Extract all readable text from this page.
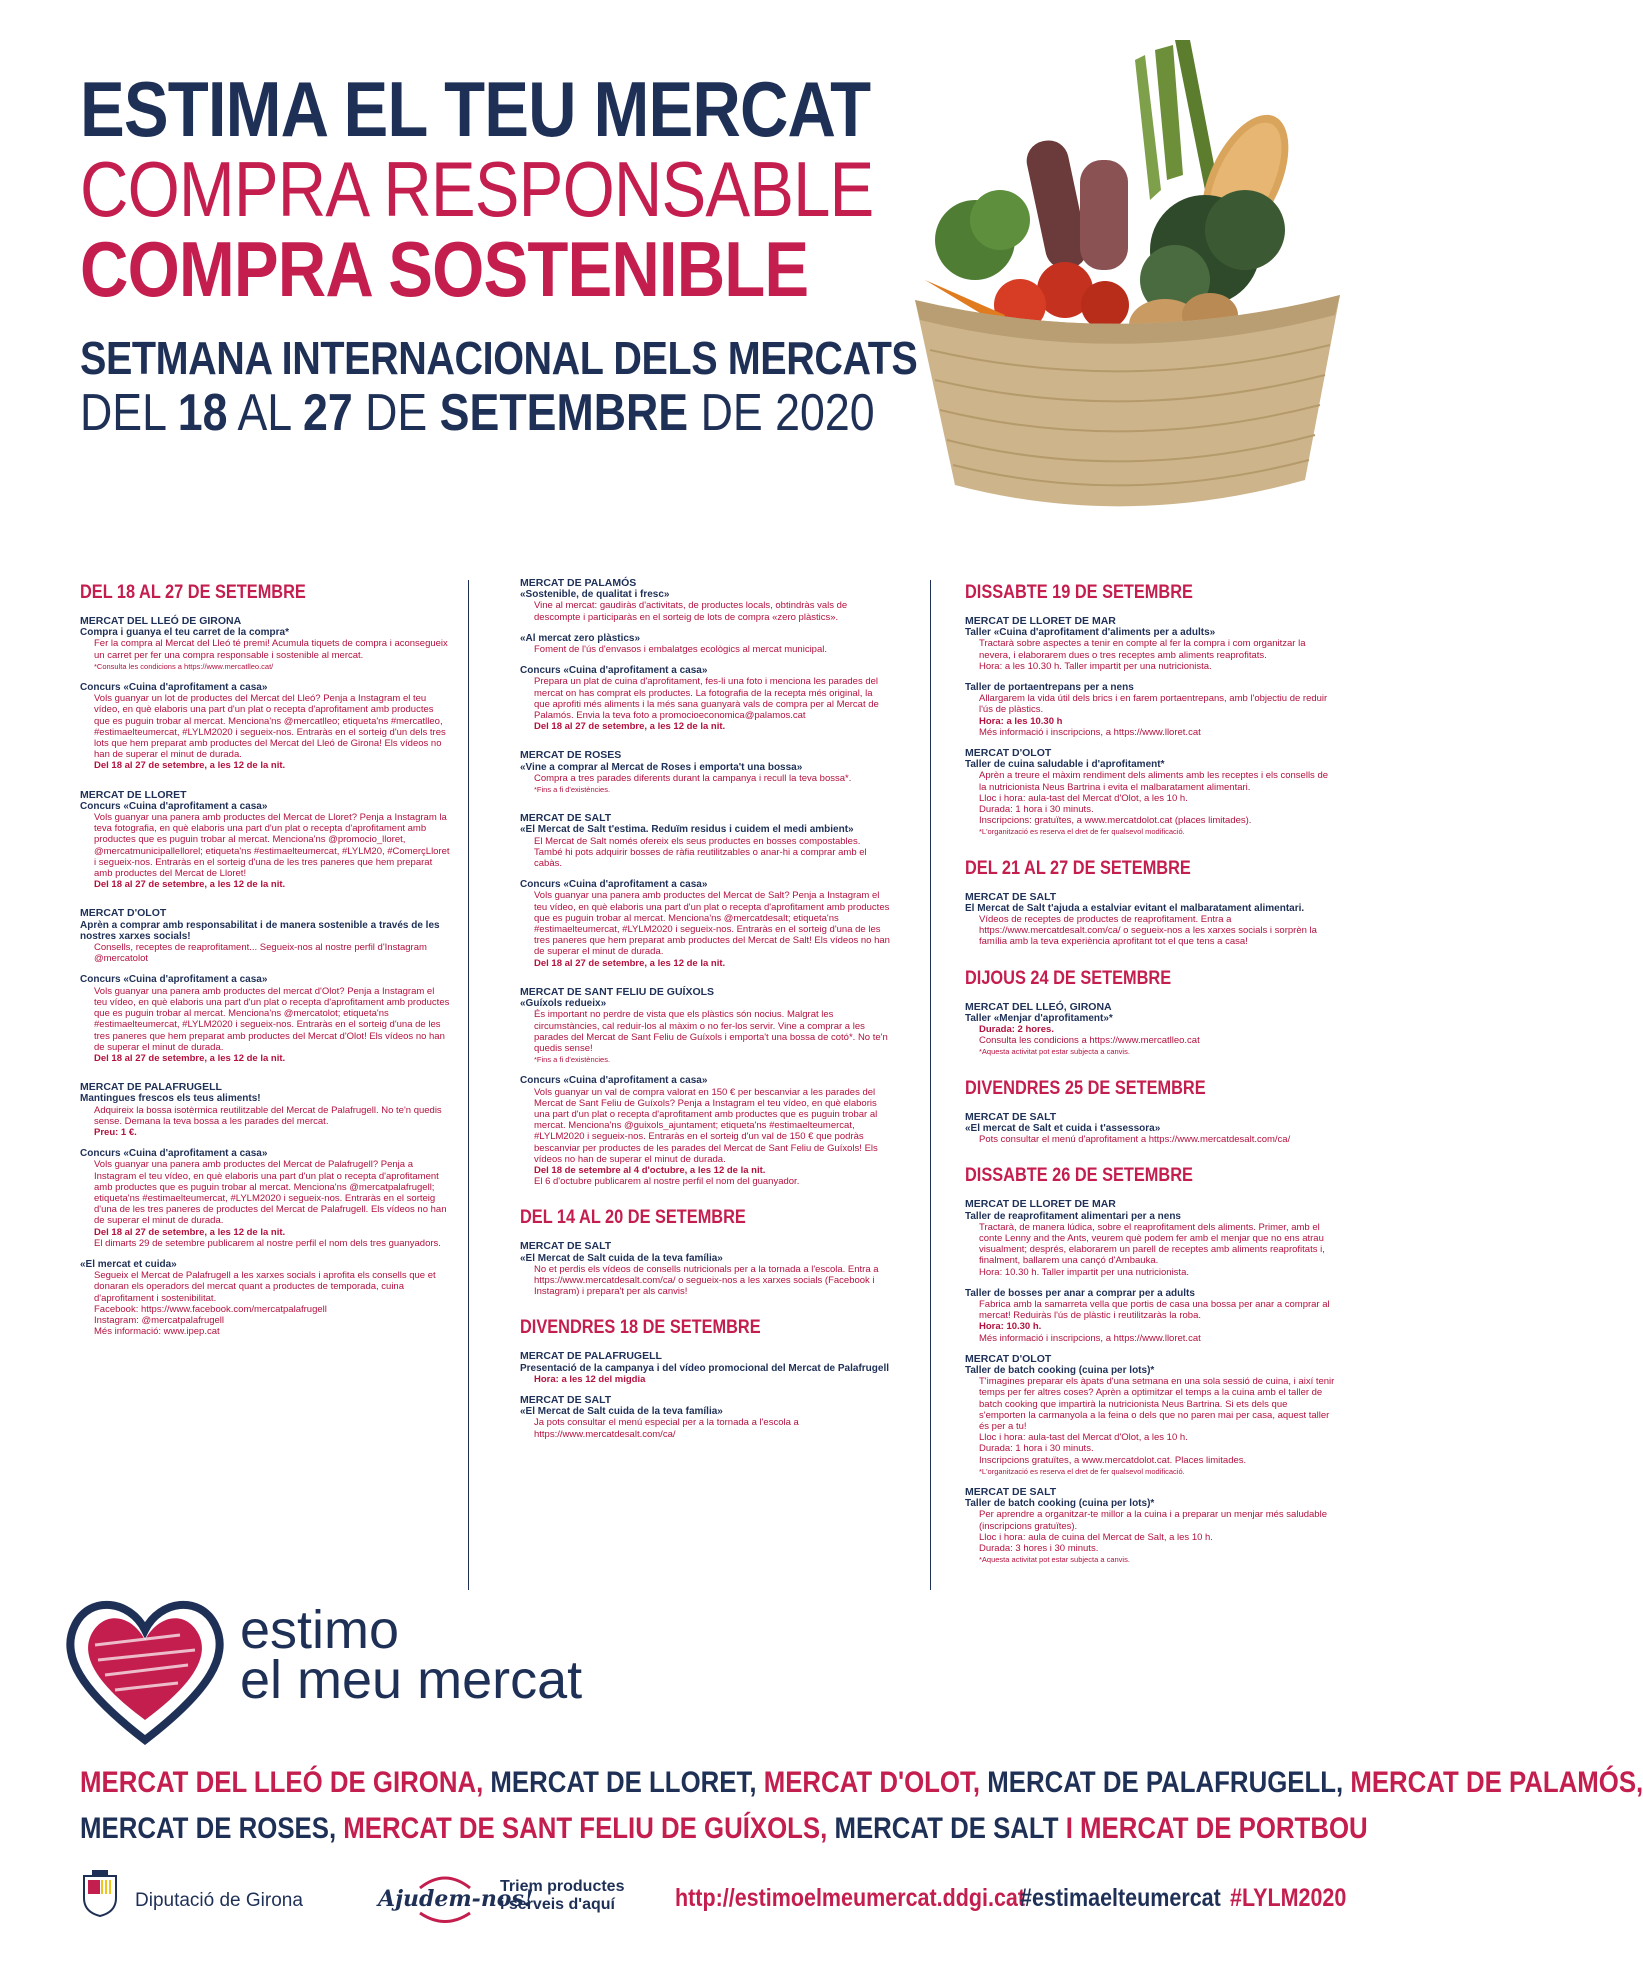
ESTIMA EL TEU MERCAT
COMPRA RESPONSABLE
COMPRA SOSTENIBLE
SETMANA INTERNACIONAL DELS MERCATS
DEL 18 AL 27 DE SETEMBRE DE 2020
DEL 18 AL 27 DE SETEMBRE

MERCAT DEL LLEÓ DE GIRONA

Compra i guanya el teu carret de la compra*

Fer la compra al Mercat del Lleó té premi! Acumula tiquets de compra i aconsegueix un carret per fer una compra responsable i sostenible al mercat.

*Consulta les condicions a https://www.mercatlleo.cat/

Concurs «Cuina d'aprofitament a casa»

Vols guanyar un lot de productes del Mercat del Lleó? Penja a Instagram el teu vídeo, en què elaboris una part d'un plat o recepta d'aprofitament amb productes que es puguin trobar al mercat. Menciona'ns @mercatlleo; etiqueta'ns #mercatlleo, #estimaelteumercat, #LYLM2020 i segueix-nos. Entraràs en el sorteig d'un dels tres lots que hem preparat amb productes del Mercat del Lleó de Girona! Els vídeos no han de superar el minut de durada.

Del 18 al 27 de setembre, a les 12 de la nit.

MERCAT DE LLORET

Concurs «Cuina d'aprofitament a casa»

Vols guanyar una panera amb productes del Mercat de Lloret? Penja a Instagram la teva fotografia, en què elaboris una part d'un plat o recepta d'aprofitament amb productes que es puguin trobar al mercat. Menciona'ns @promocio_lloret, @mercatmunicipallellorel; etiqueta'ns #estimaelteumercat, #LYLM20, #ComerçLloret i segueix-nos. Entraràs en el sorteig d'una de les tres paneres que hem preparat amb productes del Mercat de Lloret!

Del 18 al 27 de setembre, a les 12 de la nit.

MERCAT D'OLOT

Aprèn a comprar amb responsabilitat i de manera sostenible a través de les nostres xarxes socials!

Consells, receptes de reaprofitament... Segueix-nos al nostre perfil d'Instagram @mercatolot

Concurs «Cuina d'aprofitament a casa»

Vols guanyar una panera amb productes del mercat d'Olot? Penja a Instagram el teu vídeo, en què elaboris una part d'un plat o recepta d'aprofitament amb productes que es puguin trobar al mercat. Menciona'ns @mercatolot; etiqueta'ns #estimaelteumercat, #LYLM2020 i segueix-nos. Entraràs en el sorteig d'una de les tres paneres que hem preparat amb productes del Mercat d'Olot! Els vídeos no han de superar el minut de durada.

Del 18 al 27 de setembre, a les 12 de la nit.

MERCAT DE PALAFRUGELL

Mantingues frescos els teus aliments!

Adquireix la bossa isotèrmica reutilitzable del Mercat de Palafrugell. No te'n quedis sense. Demana la teva bossa a les parades del mercat.

Preu: 1 €.

Concurs «Cuina d'aprofitament a casa»

Vols guanyar una panera amb productes del Mercat de Palafrugell? Penja a Instagram el teu vídeo, en què elaboris una part d'un plat o recepta d'aprofitament amb productes que es puguin trobar al mercat. Menciona'ns @mercatpalafrugell; etiqueta'ns #estimaelteumercat, #LYLM2020 i segueix-nos. Entraràs en el sorteig d'una de les tres paneres de productes del Mercat de Palafrugell. Els vídeos no han de superar el minut de durada.

Del 18 al 27 de setembre, a les 12 de la nit.

El dimarts 29 de setembre publicarem al nostre perfil el nom dels tres guanyadors.

«El mercat et cuida»

Segueix el Mercat de Palafrugell a les xarxes socials i aprofita els consells que et donaran els operadors del mercat quant a productes de temporada, cuina d'aprofitament i sostenibilitat.

Facebook: https://www.facebook.com/mercatpalafrugell

Instagram: @mercatpalafrugell

Més informació: www.ipep.cat

MERCAT DE PALAMÓS

«Sostenible, de qualitat i fresc»

Vine al mercat: gaudiràs d'activitats, de productes locals, obtindràs vals de descompte i participaràs en el sorteig de lots de compra «zero plàstics».

«Al mercat zero plàstics»

Foment de l'ús d'envasos i embalatges ecològics al mercat municipal.

Concurs «Cuina d'aprofitament a casa»

Prepara un plat de cuina d'aprofitament, fes-li una foto i menciona les parades del mercat on has comprat els productes. La fotografia de la recepta més original, la que aprofiti més aliments i la més sana guanyarà vals de compra per al Mercat de Palamós. Envia la teva foto a promocioeconomica@palamos.cat

Del 18 al 27 de setembre, a les 12 de la nit.

MERCAT DE ROSES

«Vine a comprar al Mercat de Roses i emporta't una bossa»

Compra a tres parades diferents durant la campanya i recull la teva bossa*.

*Fins a fi d'existències.

MERCAT DE SALT

«El Mercat de Salt t'estima. Reduïm residus i cuidem el medi ambient»

El Mercat de Salt només ofereix els seus productes en bosses compostables. També hi pots adquirir bosses de ràfia reutilitzables o anar-hi a comprar amb el cabàs.

Concurs «Cuina d'aprofitament a casa»

Vols guanyar una panera amb productes del Mercat de Salt? Penja a Instagram el teu vídeo, en què elaboris una part d'un plat o recepta d'aprofitament amb productes que es puguin trobar al mercat. Menciona'ns @mercatdesalt; etiqueta'ns #estimaelteumercat, #LYLM2020 i segueix-nos. Entraràs en el sorteig d'una de les tres paneres que hem preparat amb productes del Mercat de Salt! Els vídeos no han de superar el minut de durada.

Del 18 al 27 de setembre, a les 12 de la nit.

MERCAT DE SANT FELIU DE GUÍXOLS

«Guíxols redueix»

És important no perdre de vista que els plàstics són nocius. Malgrat les circumstàncies, cal reduir-los al màxim o no fer-los servir. Vine a comprar a les parades del Mercat de Sant Feliu de Guíxols i emporta't una bossa de cotó*. No te'n quedis sense!

*Fins a fi d'existències.

Concurs «Cuina d'aprofitament a casa»

Vols guanyar un val de compra valorat en 150 € per bescanviar a les parades del Mercat de Sant Feliu de Guíxols? Penja a Instagram el teu vídeo, en què elaboris una part d'un plat o recepta d'aprofitament amb productes que es puguin trobar al mercat. Menciona'ns @guixols_ajuntament; etiqueta'ns #estimaelteumercat, #LYLM2020 i segueix-nos. Entraràs en el sorteig d'un val de 150 € que podràs bescanviar per productes de les parades del Mercat de Sant Feliu de Guíxols! Els vídeos no han de superar el minut de durada.

Del 18 de setembre al 4 d'octubre, a les 12 de la nit.

El 6 d'octubre publicarem al nostre perfil el nom del guanyador.

DEL 14 AL 20 DE SETEMBRE

MERCAT DE SALT

«El Mercat de Salt cuida de la teva família»

No et perdis els vídeos de consells nutricionals per a la tornada a l'escola. Entra a https://www.mercatdesalt.com/ca/ o segueix-nos a les xarxes socials (Facebook i Instagram) i prepara't per als canvis!

DIVENDRES 18 DE SETEMBRE

MERCAT DE PALAFRUGELL

Presentació de la campanya i del vídeo promocional del Mercat de Palafrugell

Hora: a les 12 del migdia

MERCAT DE SALT

«El Mercat de Salt cuida de la teva família»

Ja pots consultar el menú especial per a la tornada a l'escola a https://www.mercatdesalt.com/ca/

DISSABTE 19 DE SETEMBRE

MERCAT DE LLORET DE MAR

Taller «Cuina d'aprofitament d'aliments per a adults»

Tractarà sobre aspectes a tenir en compte al fer la compra i com organitzar la nevera, i elaborarem dues o tres receptes amb aliments reaprofitats.

Hora: a les 10.30 h. Taller impartit per una nutricionista.

Taller de portaentrepans per a nens

Allargarem la vida útil dels brics i en farem portaentrepans, amb l'objectiu de reduir l'ús de plàstics.

Hora: a les 10.30 h

Més informació i inscripcions, a https://www.lloret.cat

MERCAT D'OLOT

Taller de cuina saludable i d'aprofitament*

Aprèn a treure el màxim rendiment dels aliments amb les receptes i els consells de la nutricionista Neus Bartrina i evita el malbaratament alimentari.

Lloc i hora: aula-tast del Mercat d'Olot, a les 10 h.

Durada: 1 hora i 30 minuts.

Inscripcions: gratuïtes, a www.mercatdolot.cat (places limitades).

*L'organització es reserva el dret de fer qualsevol modificació.

DEL 21 AL 27 DE SETEMBRE

MERCAT DE SALT

El Mercat de Salt t'ajuda a estalviar evitant el malbaratament alimentari.

Vídeos de receptes de productes de reaprofitament. Entra a https://www.mercatdesalt.com/ca/ o segueix-nos a les xarxes socials i sorprèn la família amb la teva experiència aprofitant tot el que tens a casa!

DIJOUS 24 DE SETEMBRE

MERCAT DEL LLEÓ, GIRONA

Taller «Menjar d'aprofitament»*

Durada: 2 hores.

Consulta les condicions a https://www.mercatlleo.cat

*Aquesta activitat pot estar subjecta a canvis.

DIVENDRES 25 DE SETEMBRE

MERCAT DE SALT

«El mercat de Salt et cuida i t'assessora»

Pots consultar el menú d'aprofitament a https://www.mercatdesalt.com/ca/

DISSABTE 26 DE SETEMBRE

MERCAT DE LLORET DE MAR

Taller de reaprofitament alimentari per a nens

Tractarà, de manera lúdica, sobre el reaprofitament dels aliments. Primer, amb el conte Lenny and the Ants, veurem què podem fer amb el menjar que no ens atrau visualment; després, elaborarem un parell de receptes amb aliments reaprofitats i, finalment, ballarem una cançó d'Ambauka.

Hora: 10.30 h. Taller impartit per una nutricionista.

Taller de bosses per anar a comprar per a adults

Fabrica amb la samarreta vella que portis de casa una bossa per anar a comprar al mercat! Reduiràs l'ús de plàstic i reutilitzaràs la roba.

Hora: 10.30 h.

Més informació i inscripcions, a https://www.lloret.cat

MERCAT D'OLOT

Taller de batch cooking (cuina per lots)*

T'imagines preparar els àpats d'una setmana en una sola sessió de cuina, i així tenir temps per fer altres coses? Aprèn a optimitzar el temps a la cuina amb el taller de batch cooking que impartirà la nutricionista Neus Bartrina. Si ets dels que s'emporten la carmanyola a la feina o dels que no paren mai per casa, aquest taller és per a tu!

Lloc i hora: aula-tast del Mercat d'Olot, a les 10 h.

Durada: 1 hora i 30 minuts.

Inscripcions gratuïtes, a www.mercatdolot.cat. Places limitades.

*L'organització es reserva el dret de fer qualsevol modificació.

MERCAT DE SALT

Taller de batch cooking (cuina per lots)*

Per aprendre a organitzar-te millor a la cuina i a preparar un menjar més saludable (inscripcions gratuïtes).

Lloc i hora: aula de cuina del Mercat de Salt, a les 10 h.

Durada: 3 hores i 30 minuts.

*Aquesta activitat pot estar subjecta a canvis.

estimo
el meu mercat
MERCAT DEL LLEÓ DE GIRONA, MERCAT DE LLORET, MERCAT D'OLOT, MERCAT DE PALAFRUGELL, MERCAT DE PALAMÓS,
MERCAT DE ROSES, MERCAT DE SANT FELIU DE GUÍXOLS, MERCAT DE SALT I MERCAT DE PORTBOU
Diputació de Girona	Ajudem-nos!
Triem productes
i serveis d'aquí	http://estimoelmeumercat.ddgi.cat
#estimaelteumercat #LYLM2020
